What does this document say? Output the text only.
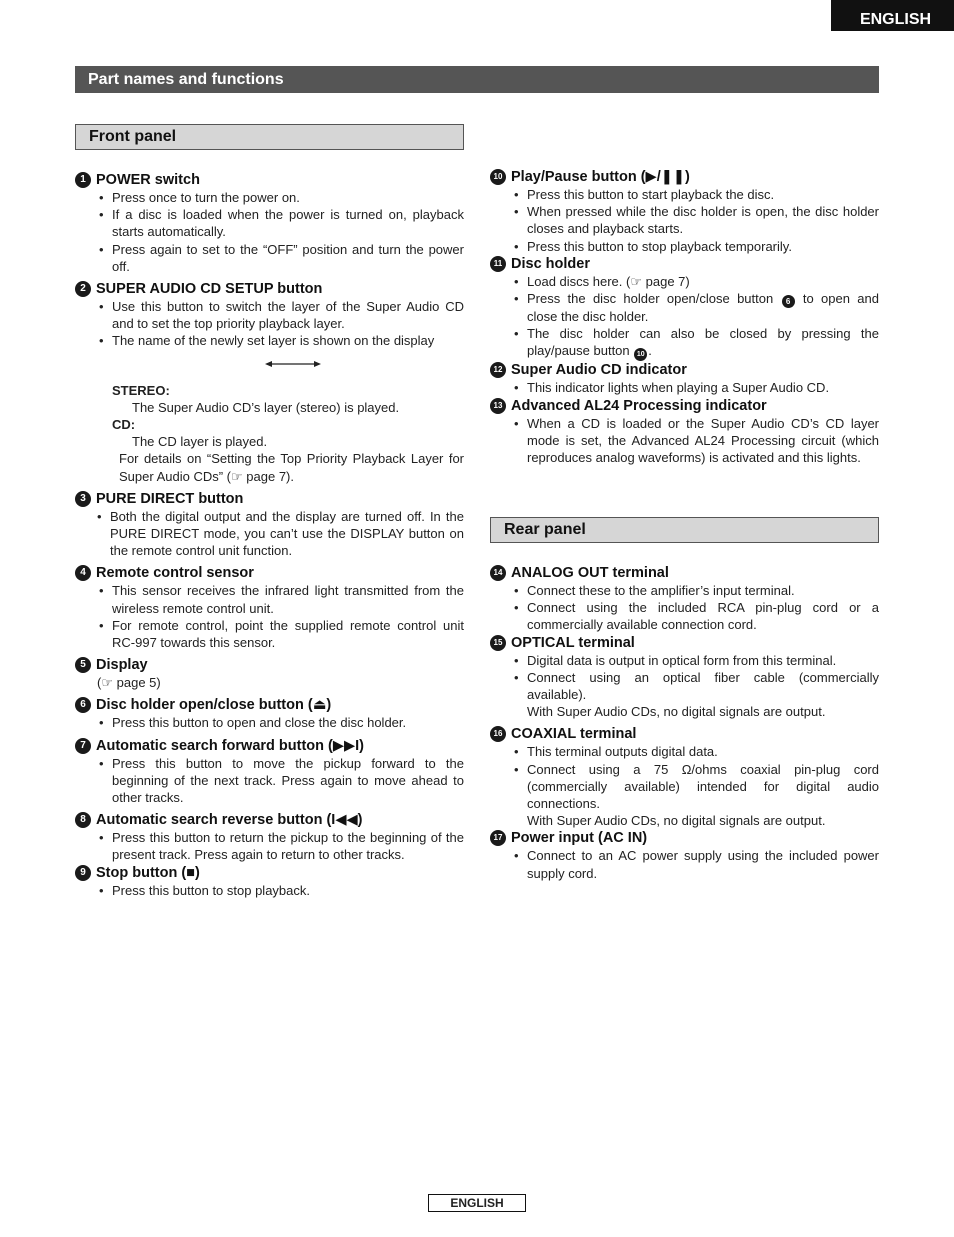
ENGLISH
Part names and functions
Front panel
1 POWER switch
• Press once to turn the power on.
• If a disc is loaded when the power is turned on, playback starts automatically.
• Press again to set to the “OFF” position and turn the power off.
2 SUPER AUDIO CD SETUP button
• Use this button to switch the layer of the Super Audio CD and to set the top priority playback layer.
• The name of the newly set layer is shown on the display
STEREO:
The Super Audio CD’s layer (stereo) is played.
CD:
The CD layer is played.
For details on “Setting the Top Priority Playback Layer for Super Audio CDs” (☞ page 7).
3 PURE DIRECT button
• Both the digital output and the display are turned off. In the PURE DIRECT mode, you can’t use the DISPLAY button on the remote control unit function.
4 Remote control sensor
• This sensor receives the infrared light transmitted from the wireless remote control unit.
• For remote control, point the supplied remote control unit RC-997 towards this sensor.
5 Display
(☞ page 5)
6 Disc holder open/close button (⏏)
• Press this button to open and close the disc holder.
7 Automatic search forward button (▶▶I)
• Press this button to move the pickup forward to the beginning of the next track. Press again to move ahead to other tracks.
8 Automatic search reverse button (I◀◀)
• Press this button to return the pickup to the beginning of the present track. Press again to return to other tracks.
9 Stop button (■)
• Press this button to stop playback.
10 Play/Pause button (▶/❚❚)
• Press this button to start playback the disc.
• When pressed while the disc holder is open, the disc holder closes and playback starts.
• Press this button to stop playback temporarily.
11 Disc holder
• Load discs here. (☞ page 7)
• Press the disc holder open/close button 6 to open and close the disc holder.
• The disc holder can also be closed by pressing the play/pause button 10 .
12 Super Audio CD indicator
• This indicator lights when playing a Super Audio CD.
13 Advanced AL24 Processing indicator
• When a CD is loaded or the Super Audio CD’s CD layer mode is set, the Advanced AL24 Processing circuit (which reproduces analog waveforms) is activated and this lights.
Rear panel
14 ANALOG OUT terminal
• Connect these to the amplifier’s input terminal.
• Connect using the included RCA pin-plug cord or a commercially available connection cord.
15 OPTICAL terminal
• Digital data is output in optical form from this terminal.
• Connect using an optical fiber cable (commercially available).
With Super Audio CDs, no digital signals are output.
16 COAXIAL terminal
• This terminal outputs digital data.
• Connect using a 75 Ω/ohms coaxial pin-plug cord (commercially available) intended for digital audio connections.
With Super Audio CDs, no digital signals are output.
17 Power input (AC IN)
• Connect to an AC power supply using the included power supply cord.
ENGLISH
